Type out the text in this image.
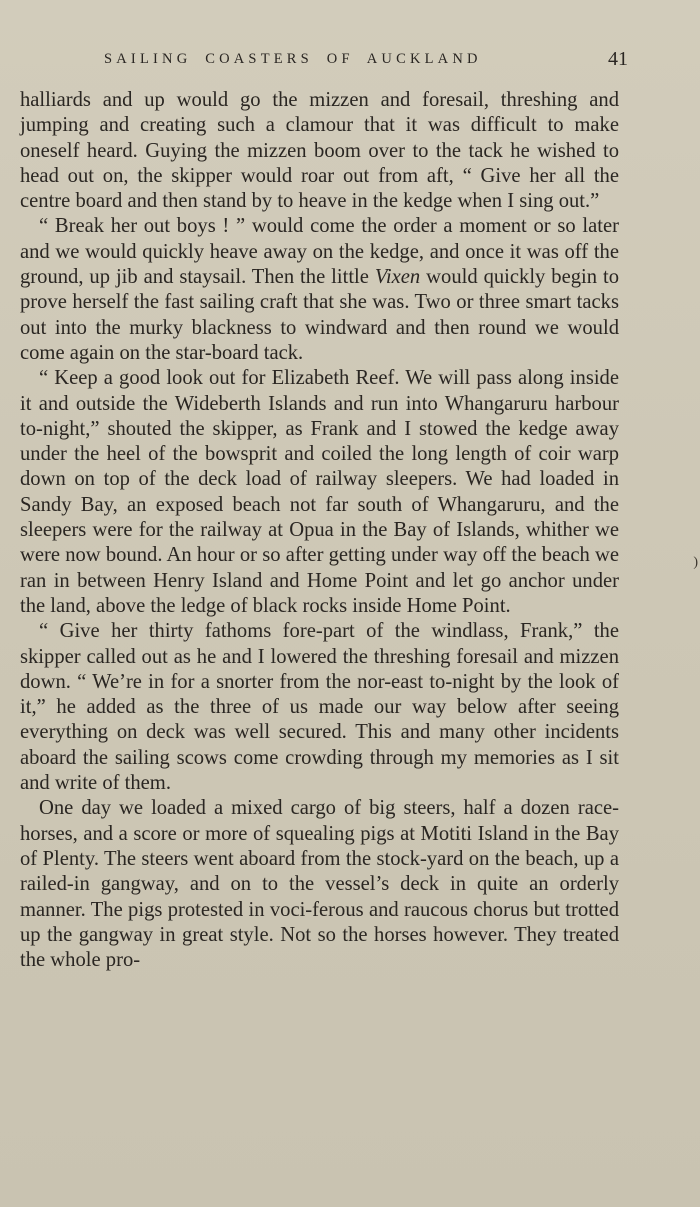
SAILING COASTERS OF AUCKLAND	41

halliards and up would go the mizzen and foresail, threshing and jumping and creating such a clamour that it was difficult to make oneself heard. Guying the mizzen boom over to the tack he wished to head out on, the skipper would roar out from aft, “ Give her all the centre board and then stand by to heave in the kedge when I sing out.”

“ Break her out boys ! ” would come the order a moment or so later and we would quickly heave away on the kedge, and once it was off the ground, up jib and staysail. Then the little Vixen would quickly begin to prove herself the fast sailing craft that she was. Two or three smart tacks out into the murky blackness to windward and then round we would come again on the star-board tack.

“ Keep a good look out for Elizabeth Reef. We will pass along inside it and outside the Wideberth Islands and run into Whangaruru harbour to-night,” shouted the skipper, as Frank and I stowed the kedge away under the heel of the bowsprit and coiled the long length of coir warp down on top of the deck load of railway sleepers. We had loaded in Sandy Bay, an exposed beach not far south of Whangaruru, and the sleepers were for the railway at Opua in the Bay of Islands, whither we were now bound. An hour or so after getting under way off the beach we ran in between Henry Island and Home Point and let go anchor under the land, above the ledge of black rocks inside Home Point.

“ Give her thirty fathoms fore-part of the windlass, Frank,” the skipper called out as he and I lowered the threshing foresail and mizzen down. “ We’re in for a snorter from the nor-east to-night by the look of it,” he added as the three of us made our way below after seeing everything on deck was well secured. This and many other incidents aboard the sailing scows come crowding through my memories as I sit and write of them.

One day we loaded a mixed cargo of big steers, half a dozen race-horses, and a score or more of squealing pigs at Motiti Island in the Bay of Plenty. The steers went aboard from the stock-yard on the beach, up a railed-in gangway, and on to the vessel’s deck in quite an orderly manner. The pigs protested in voci-ferous and raucous chorus but trotted up the gangway in great style. Not so the horses however. They treated the whole pro-

)
